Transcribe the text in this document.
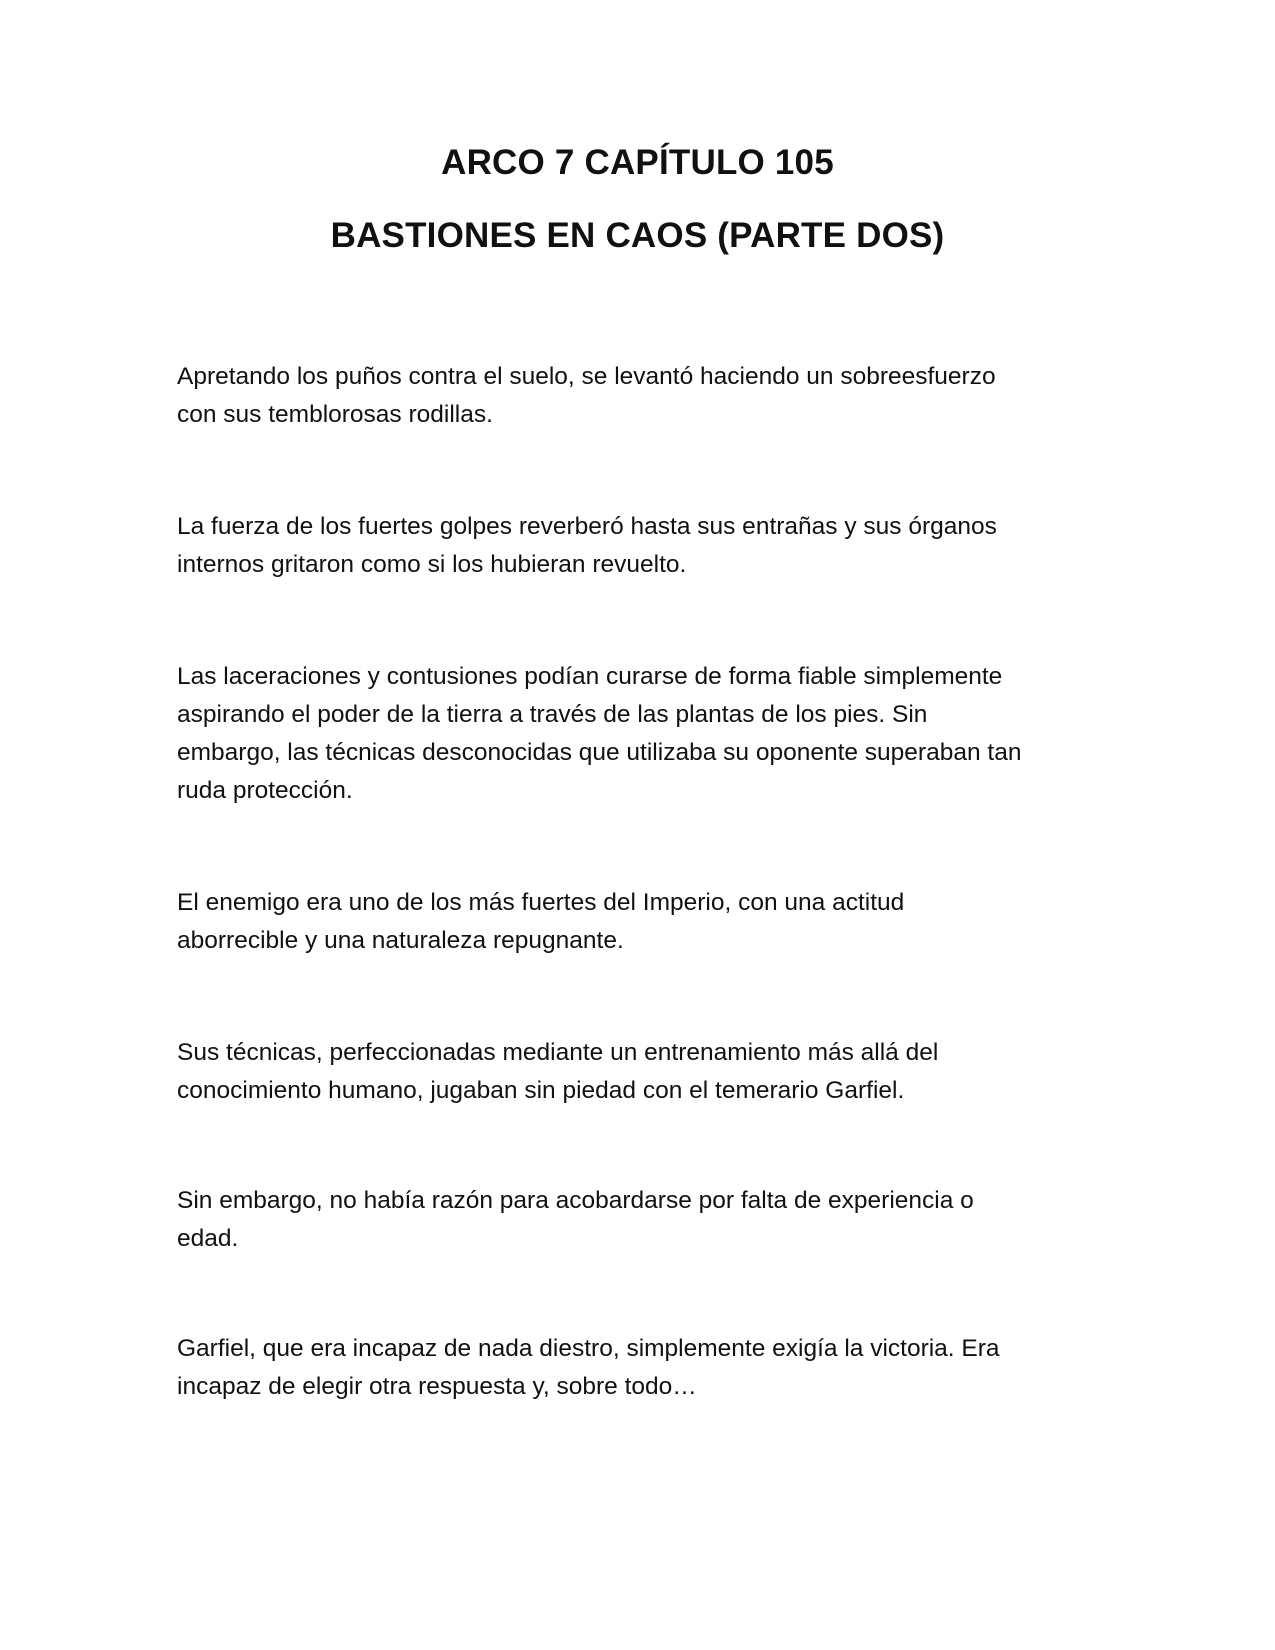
ARCO 7 CAPÍTULO 105

BASTIONES EN CAOS (PARTE DOS)

Apretando los puños contra el suelo, se levantó haciendo un sobreesfuerzo
con sus temblorosas rodillas.

La fuerza de los fuertes golpes reverberó hasta sus entrañas y sus órganos
internos gritaron como si los hubieran revuelto.

Las laceraciones y contusiones podían curarse de forma fiable simplemente
aspirando el poder de la tierra a través de las plantas de los pies. Sin
embargo, las técnicas desconocidas que utilizaba su oponente superaban tan
ruda protección.

El enemigo era uno de los más fuertes del Imperio, con una actitud
aborrecible y una naturaleza repugnante.

Sus técnicas, perfeccionadas mediante un entrenamiento más allá del
conocimiento humano, jugaban sin piedad con el temerario Garfiel.

Sin embargo, no había razón para acobardarse por falta de experiencia o
edad.

Garfiel, que era incapaz de nada diestro, simplemente exigía la victoria. Era
incapaz de elegir otra respuesta y, sobre todo…
